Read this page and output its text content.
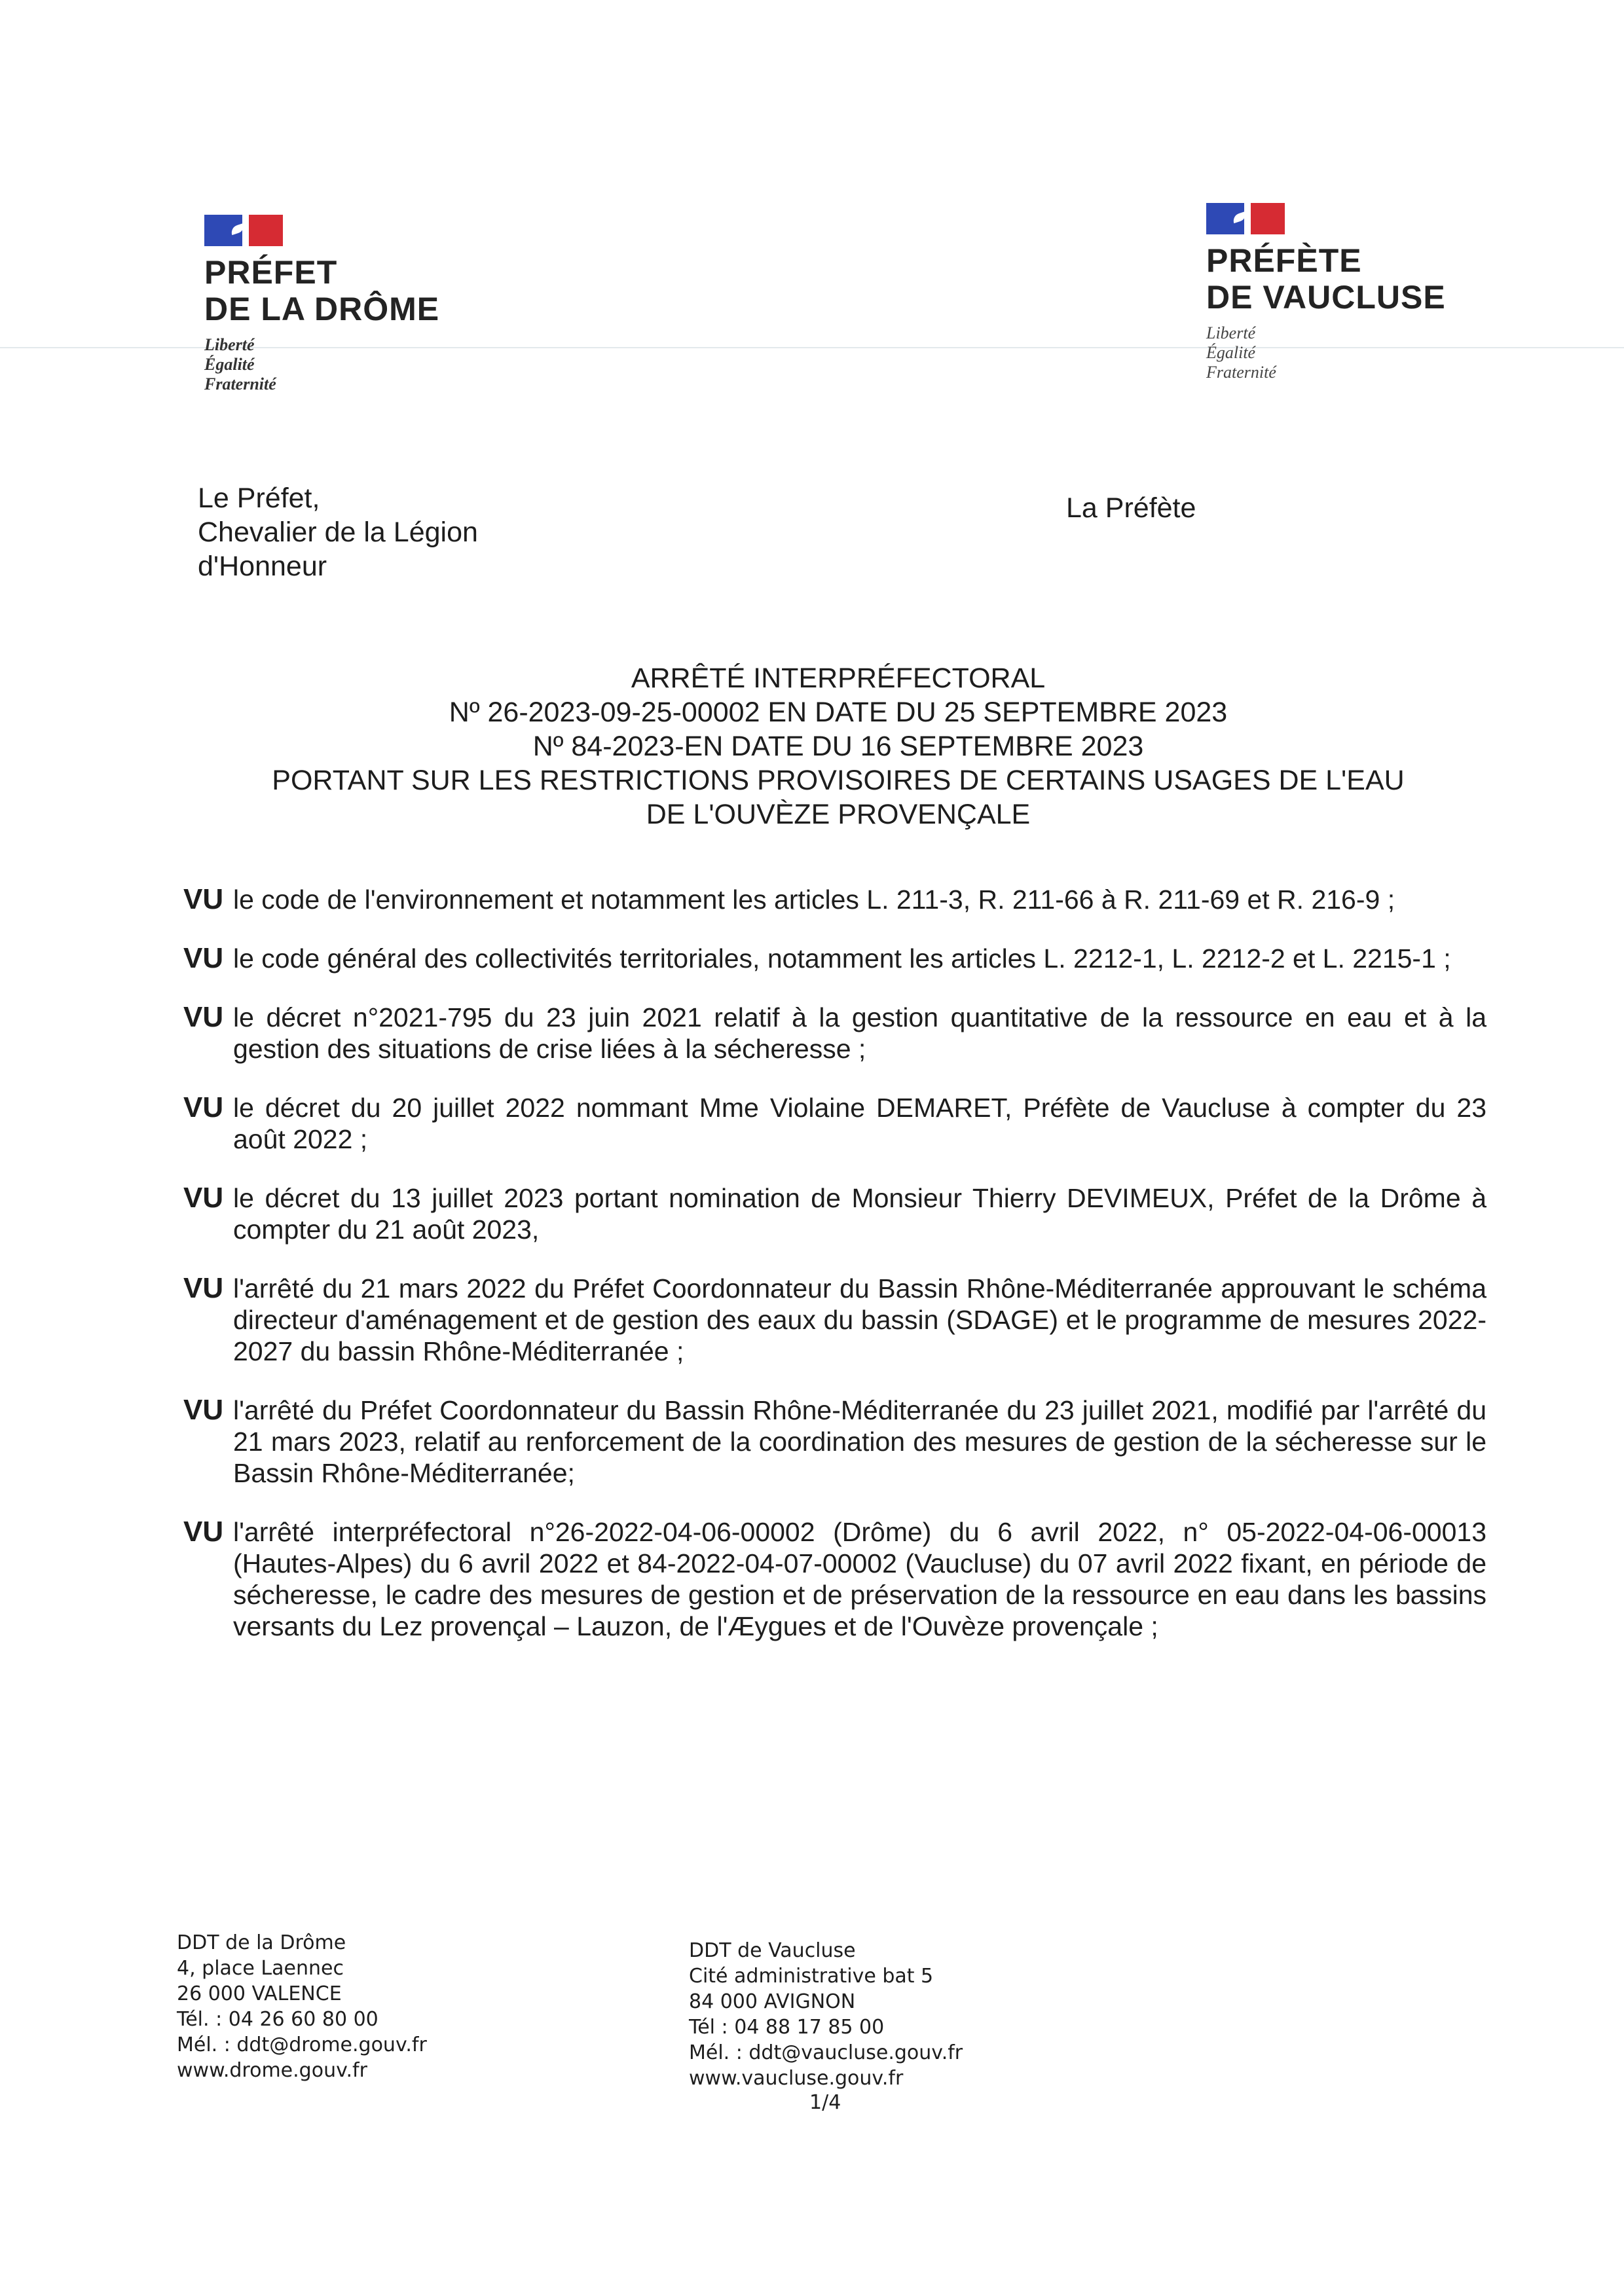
PRÉFET
DE LA DRÔME
Liberté
Égalité
Fraternité
PRÉFÈTE
DE VAUCLUSE
Liberté
Égalité
Fraternité
Le Préfet,
Chevalier de la Légion
d'Honneur
La Préfète
ARRÊTÉ INTERPRÉFECTORAL
Nº 26-2023-09-25-00002 EN DATE DU 25 SEPTEMBRE 2023
Nº 84-2023-EN DATE DU 16 SEPTEMBRE 2023
PORTANT SUR LES RESTRICTIONS PROVISOIRES DE CERTAINS USAGES DE L'EAU
DE L'OUVÈZE PROVENÇALE
VU le code de l'environnement et notamment les articles L. 211-3, R. 211-66 à R. 211-69 et R. 216-9 ;
VU le code général des collectivités territoriales, notamment les articles L. 2212-1, L. 2212-2 et L. 2215-1 ;
VU le décret n°2021-795 du 23 juin 2021 relatif à la gestion quantitative de la ressource en eau et à la gestion des situations de crise liées à la sécheresse ;
VU le décret du 20 juillet 2022 nommant Mme Violaine DEMARET, Préfète de Vaucluse à compter du 23 août 2022 ;
VU le décret du 13 juillet 2023 portant nomination de Monsieur Thierry DEVIMEUX, Préfet de la Drôme à compter du 21 août 2023,
VU l'arrêté du 21 mars 2022 du Préfet Coordonnateur du Bassin Rhône-Méditerranée approuvant le schéma directeur d'aménagement et de gestion des eaux du bassin (SDAGE) et le programme de mesures 2022-2027 du bassin Rhône-Méditerranée ;
VU l'arrêté du Préfet Coordonnateur du Bassin Rhône-Méditerranée du 23 juillet 2021, modifié par l'arrêté du 21 mars 2023, relatif au renforcement de la coordination des mesures de gestion de la sécheresse sur le Bassin Rhône-Méditerranée;
VU l'arrêté interpréfectoral n°26-2022-04-06-00002 (Drôme) du 6 avril 2022, n° 05-2022-04-06-00013 (Hautes-Alpes) du 6 avril 2022 et 84-2022-04-07-00002 (Vaucluse) du 07 avril 2022 fixant, en période de sécheresse, le cadre des mesures de gestion et de préservation de la ressource en eau dans les bassins versants du Lez provençal – Lauzon, de l'Æygues et de l'Ouvèze provençale ;
DDT de la Drôme
4, place Laennec
26 000 VALENCE
Tél. : 04 26 60 80 00
Mél. : ddt@drome.gouv.fr
www.drome.gouv.fr
DDT de Vaucluse
Cité administrative bat 5
84 000 AVIGNON
Tél : 04 88 17 85 00
Mél. : ddt@vaucluse.gouv.fr
www.vaucluse.gouv.fr
1/4
